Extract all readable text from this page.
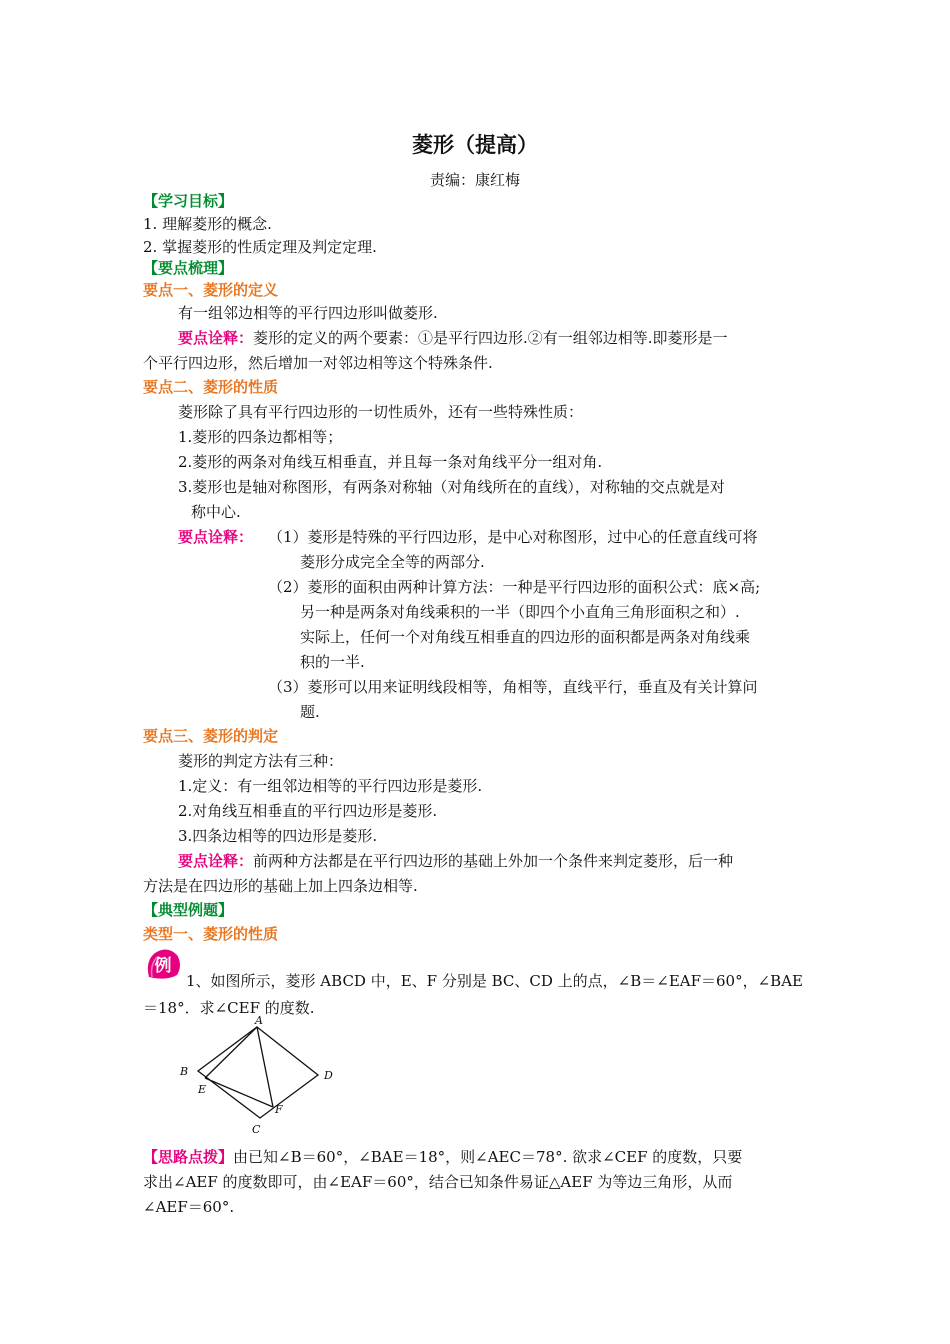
菱形（提高）
责编：康红梅
【学习目标】
1. 理解菱形的概念.
2. 掌握菱形的性质定理及判定定理.
【要点梳理】
要点一、菱形的定义
有一组邻边相等的平行四边形叫做菱形.
要点诠释：菱形的定义的两个要素：①是平行四边形.②有一组邻边相等.即菱形是一
个平行四边形，然后增加一对邻边相等这个特殊条件.
要点二、菱形的性质
菱形除了具有平行四边形的一切性质外，还有一些特殊性质：
1.菱形的四条边都相等；
2.菱形的两条对角线互相垂直，并且每一条对角线平分一组对角.
3.菱形也是轴对称图形，有两条对称轴（对角线所在的直线），对称轴的交点就是对
称中心.
要点诠释： （1）菱形是特殊的平行四边形，是中心对称图形，过中心的任意直线可将
菱形分成完全全等的两部分.
（2）菱形的面积由两种计算方法：一种是平行四边形的面积公式：底×高;
另一种是两条对角线乘积的一半（即四个小直角三角形面积之和）.
实际上，任何一个对角线互相垂直的四边形的面积都是两条对角线乘
积的一半.
（3）菱形可以用来证明线段相等，角相等，直线平行，垂直及有关计算问
题.
要点三、菱形的判定
菱形的判定方法有三种：
1.定义：有一组邻边相等的平行四边形是菱形.
2.对角线互相垂直的平行四边形是菱形.
3.四条边相等的四边形是菱形.
要点诠释：前两种方法都是在平行四边形的基础上外加一个条件来判定菱形，后一种
方法是在四边形的基础上加上四条边相等.
【典型例题】
类型一、菱形的性质
例
1、如图所示，菱形 ABCD 中，E、F 分别是 BC、CD 上的点，∠B＝∠EAF＝60°，∠BAE
＝18°．求∠CEF 的度数.
A
B
E
D
F
C
【思路点拨】由已知∠B＝60°，∠BAE＝18°，则∠AEC＝78°. 欲求∠CEF 的度数，只要
求出∠AEF 的度数即可，由∠EAF＝60°，结合已知条件易证△AEF 为等边三角形，从而
∠AEF＝60°.
